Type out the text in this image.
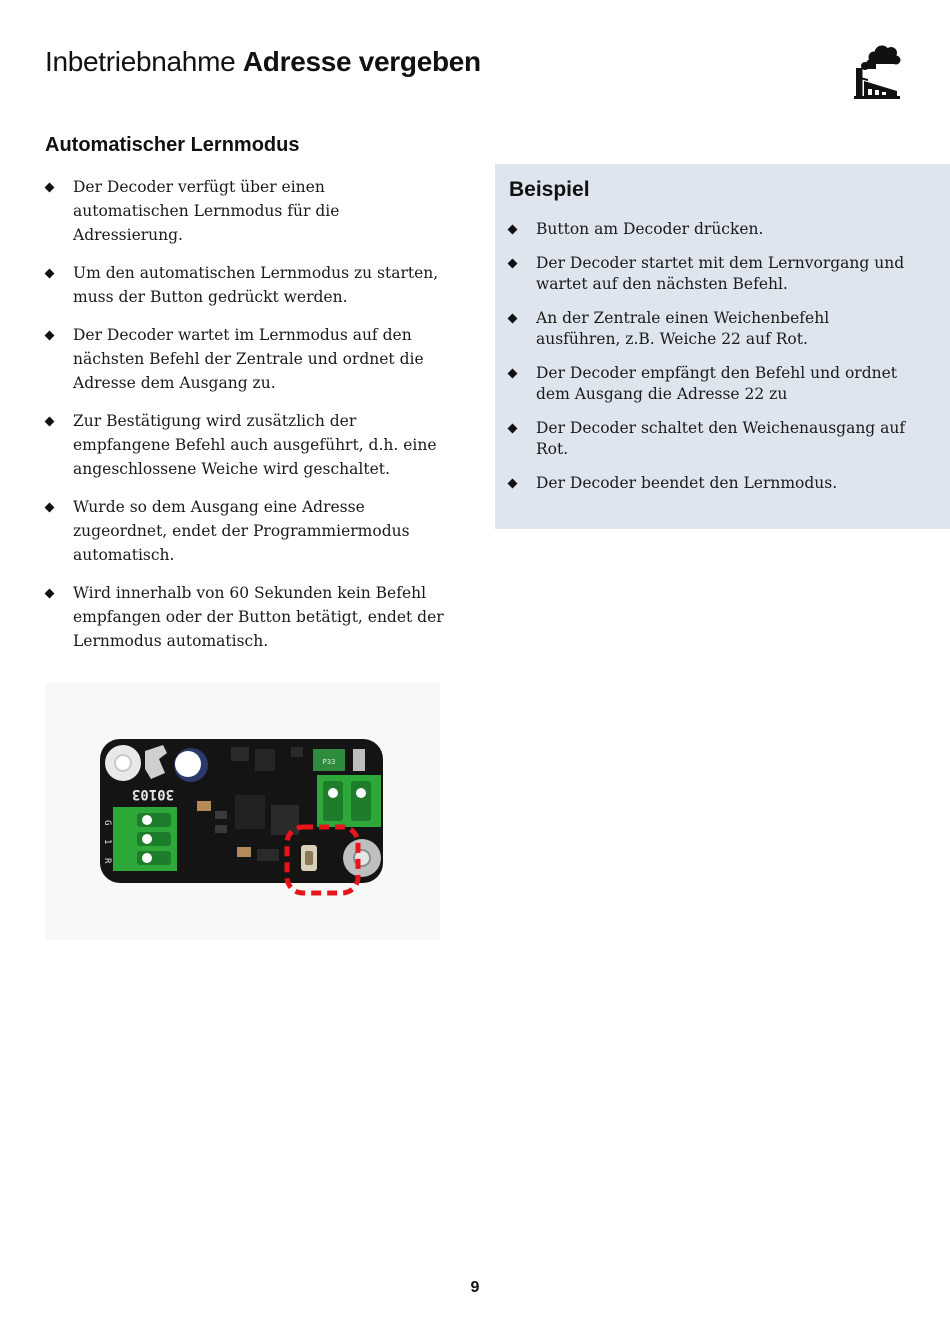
Inbetriebnahme Adresse vergeben
Automatischer Lernmodus
Der Decoder verfügt über einen automatischen Lernmodus für die Adressierung.
Um den automatischen Lernmodus zu starten, muss der Button gedrückt werden.
Der Decoder wartet im Lernmodus auf den nächsten Befehl der Zentrale und ordnet die Adresse dem Ausgang zu.
Zur Bestätigung wird zusätzlich der empfangene Befehl auch ausgeführt, d.h. eine angeschlossene Weiche wird geschaltet.
Wurde so dem Ausgang eine Adresse zugeordnet, endet der Programmiermodus automatisch.
Wird innerhalb von 60 Sekunden kein Befehl empfangen oder der Button betätigt, endet der Lernmodus automatisch.
Beispiel
Button am Decoder drücken.
Der Decoder startet mit dem Lernvorgang und wartet auf den nächsten Befehl.
An der Zentrale einen Weichenbefehl ausführen, z.B. Weiche 22 auf Rot.
Der Decoder empfängt den Befehl und ordnet dem Ausgang die Adresse 22 zu
Der Decoder schaltet den Weichenausgang auf Rot.
Der Decoder beendet den Lernmodus.
P33
30103
G
1
R
9
